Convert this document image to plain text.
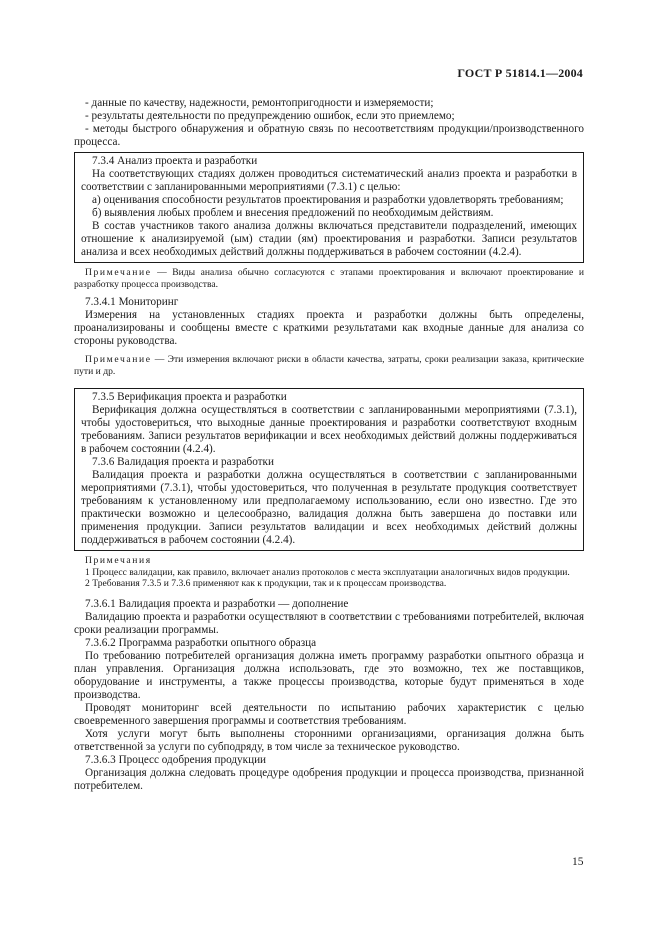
ГОСТ Р 51814.1—2004

- данные по качеству, надежности, ремонтопригодности и измеряемости;

- результаты деятельности по предупреждению ошибок, если это приемлемо;

- методы быстрого обнаружения и обратную связь по несоответствиям продукции/производственного процесса.

7.3.4 Анализ проекта и разработки

На соответствующих стадиях должен проводиться систематический анализ проекта и разработки в соответствии с запланированными мероприятиями (7.3.1) с целью:

а) оценивания способности результатов проектирования и разработки удовлетворять требованиям;

б) выявления любых проблем и внесения предложений по необходимым действиям.

В состав участников такого анализа должны включаться представители подразделений, имеющих отношение к анализируемой (ым) стадии (ям) проектирования и разработки. Записи результатов анализа и всех необходимых действий должны поддерживаться в рабочем состоянии (4.2.4).

Примечание — Виды анализа обычно согласуются с этапами проектирования и включают проектирование и разработку процесса производства.

7.3.4.1 Мониторинг

Измерения на установленных стадиях проекта и разработки должны быть определены, проанализированы и сообщены вместе с краткими результатами как входные данные для анализа со стороны руководства.

Примечание — Эти измерения включают риски в области качества, затраты, сроки реализации заказа, критические пути и др.

7.3.5 Верификация проекта и разработки

Верификация должна осуществляться в соответствии с запланированными мероприятиями (7.3.1), чтобы удостовериться, что выходные данные проектирования и разработки соответствуют входным требованиям. Записи результатов верификации и всех необходимых действий должны поддерживаться в рабочем состоянии (4.2.4).

7.3.6 Валидация проекта и разработки

Валидация проекта и разработки должна осуществляться в соответствии с запланированными мероприятиями (7.3.1), чтобы удостовериться, что полученная в результате продукция соответствует требованиям к установленному или предполагаемому использованию, если оно известно. Где это практически возможно и целесообразно, валидация должна быть завершена до поставки или применения продукции. Записи результатов валидации и всех необходимых действий должны поддерживаться в рабочем состоянии (4.2.4).

Примечания

1 Процесс валидации, как правило, включает анализ протоколов с места эксплуатации аналогичных видов продукции.

2 Требования 7.3.5 и 7.3.6 применяют как к продукции, так и к процессам производства.

7.3.6.1 Валидация проекта и разработки — дополнение

Валидацию проекта и разработки осуществляют в соответствии с требованиями потребителей, включая сроки реализации программы.

7.3.6.2 Программа разработки опытного образца

По требованию потребителей организация должна иметь программу разработки опытного образца и план управления. Организация должна использовать, где это возможно, тех же поставщиков, оборудование и инструменты, а также процессы производства, которые будут применяться в ходе производства.

Проводят мониторинг всей деятельности по испытанию рабочих характеристик с целью своевременного завершения программы и соответствия требованиям.

Хотя услуги могут быть выполнены сторонними организациями, организация должна быть ответственной за услуги по субподряду, в том числе за техническое руководство.

7.3.6.3 Процесс одобрения продукции

Организация должна следовать процедуре одобрения продукции и процесса производства, признанной потребителем.

15
